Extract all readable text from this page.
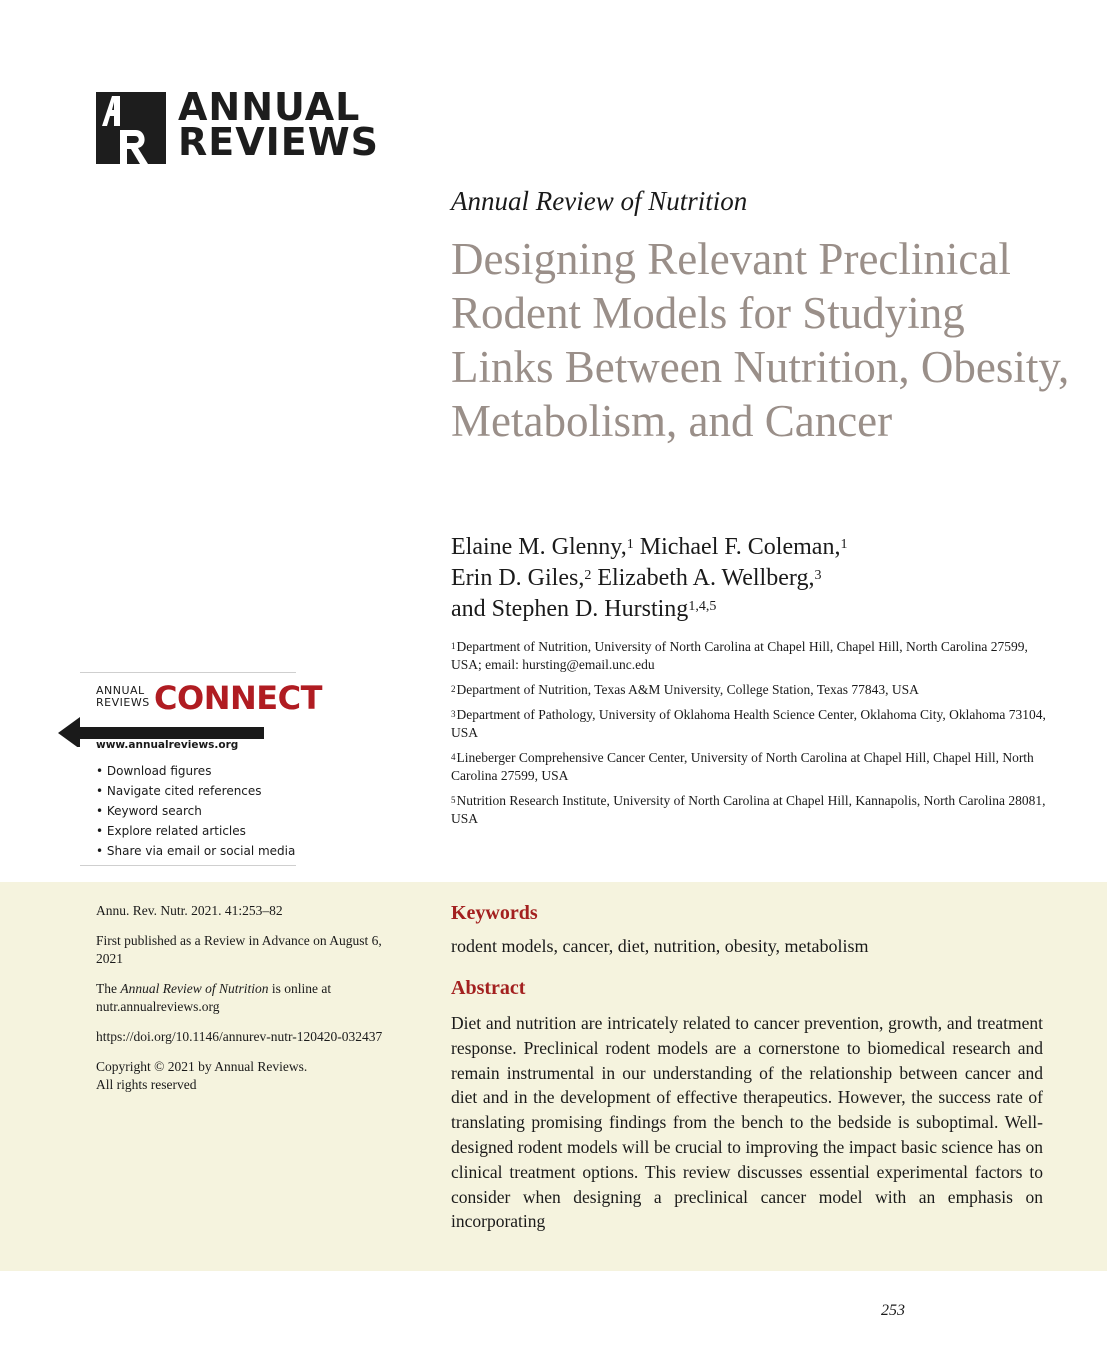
ANNUAL
REVIEWS
Annual Review of Nutrition
Designing Relevant Preclinical Rodent Models for Studying Links Between Nutrition, Obesity, Metabolism, and Cancer
Elaine M. Glenny,$^1$ Michael F. Coleman,$^1$
Erin D. Giles,$^2$ Elizabeth A. Wellberg,$^3$
and Stephen D. Hursting$^{1,4,5}$
$^1$Department of Nutrition, University of North Carolina at Chapel Hill, Chapel Hill, North Carolina 27599, USA; email: hursting@email.unc.edu
$^2$Department of Nutrition, Texas A&M University, College Station, Texas 77843, USA
$^3$Department of Pathology, University of Oklahoma Health Science Center, Oklahoma City, Oklahoma 73104, USA
$^4$Lineberger Comprehensive Cancer Center, University of North Carolina at Chapel Hill, Chapel Hill, North Carolina 27599, USA
$^5$Nutrition Research Institute, University of North Carolina at Chapel Hill, Kannapolis, North Carolina 28081, USA
ANNUAL
REVIEWS CONNECT
www.annualreviews.org
• Download figures
• Navigate cited references
• Keyword search
• Explore related articles
• Share via email or social media

Annu. Rev. Nutr. 2021. 41:253–82

First published as a Review in Advance on August 6, 2021

The Annual Review of Nutrition is online at nutr.annualreviews.org

https://doi.org/10.1146/annurev-nutr-120420-032437

Copyright © 2021 by Annual Reviews.
All rights reserved

Keywords
rodent models, cancer, diet, nutrition, obesity, metabolism
Abstract
Diet and nutrition are intricately related to cancer prevention, growth, and treatment response. Preclinical rodent models are a cornerstone to biomedical research and remain instrumental in our understanding of the relationship between cancer and diet and in the development of effective therapeutics. However, the success rate of translating promising findings from the bench to the bedside is suboptimal. Well-designed rodent models will be crucial to improving the impact basic science has on clinical treatment options. This review discusses essential experimental factors to consider when designing a preclinical cancer model with an emphasis on incorporating
253
